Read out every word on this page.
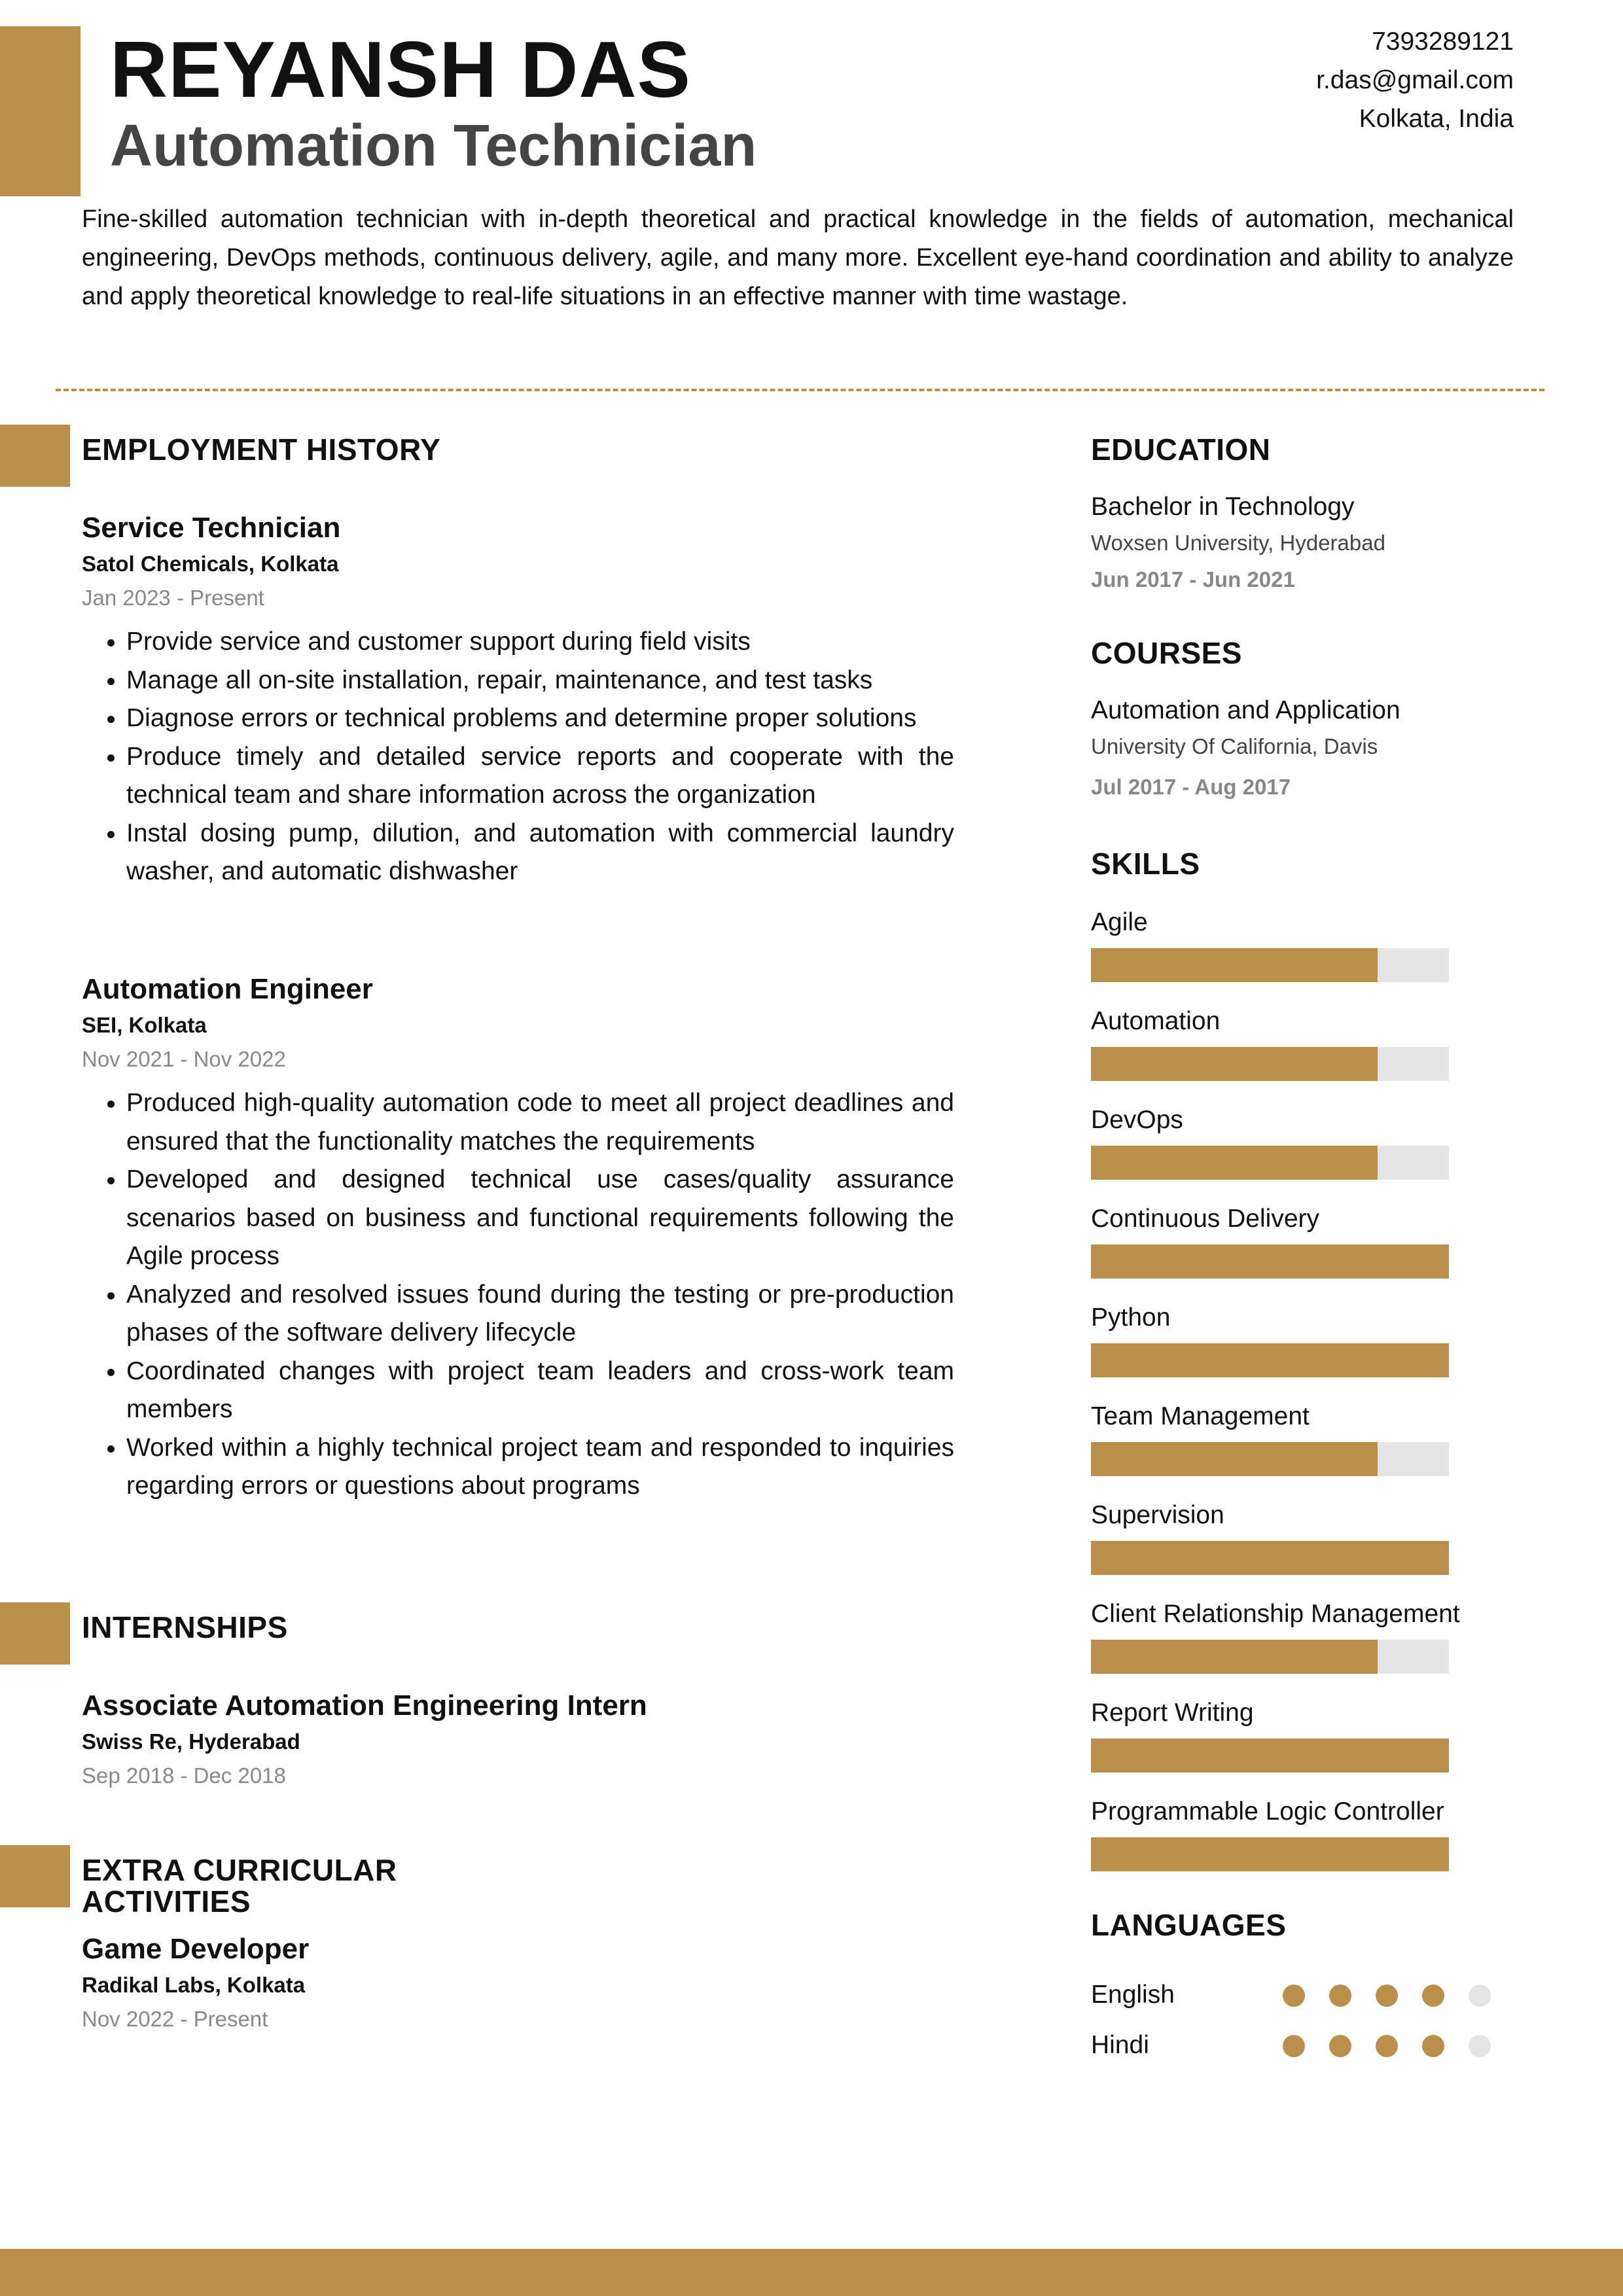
REYANSH DAS
Automation Technician
7393289121
r.das@gmail.com
Kolkata, India
Fine-skilled automation technician with in-depth theoretical and practical knowledge in the fields of automation, mechanical engineering, DevOps methods, continuous delivery, agile, and many more. Excellent eye-hand coordination and ability to analyze and apply theoretical knowledge to real-life situations in an effective manner with time wastage.
EMPLOYMENT HISTORY
Service Technician
Satol Chemicals, Kolkata
Jan 2023 - Present
• Provide service and customer support during field visits
• Manage all on-site installation, repair, maintenance, and test tasks
• Diagnose errors or technical problems and determine proper solutions
• Produce timely and detailed service reports and cooperate with the technical team and share information across the organization
• Instal dosing pump, dilution, and automation with commercial laundry washer, and automatic dishwasher
Automation Engineer
SEI, Kolkata
Nov 2021 - Nov 2022
• Produced high-quality automation code to meet all project deadlines and ensured that the functionality matches the requirements
• Developed and designed technical use cases/quality assurance scenarios based on business and functional requirements following the Agile process
• Analyzed and resolved issues found during the testing or pre-production phases of the software delivery lifecycle
• Coordinated changes with project team leaders and cross-work team members
• Worked within a highly technical project team and responded to inquiries regarding errors or questions about programs
INTERNSHIPS
Associate Automation Engineering Intern
Swiss Re, Hyderabad
Sep 2018 - Dec 2018
EXTRA CURRICULAR
ACTIVITIES
Game Developer
Radikal Labs, Kolkata
Nov 2022 - Present
EDUCATION
Bachelor in Technology
Woxsen University, Hyderabad
Jun 2017 - Jun 2021
COURSES
Automation and Application
University Of California, Davis
Jul 2017 - Aug 2017
SKILLS
Agile
Automation
DevOps
Continuous Delivery
Python
Team Management
Supervision
Client Relationship Management
Report Writing
Programmable Logic Controller
LANGUAGES
English
Hindi
